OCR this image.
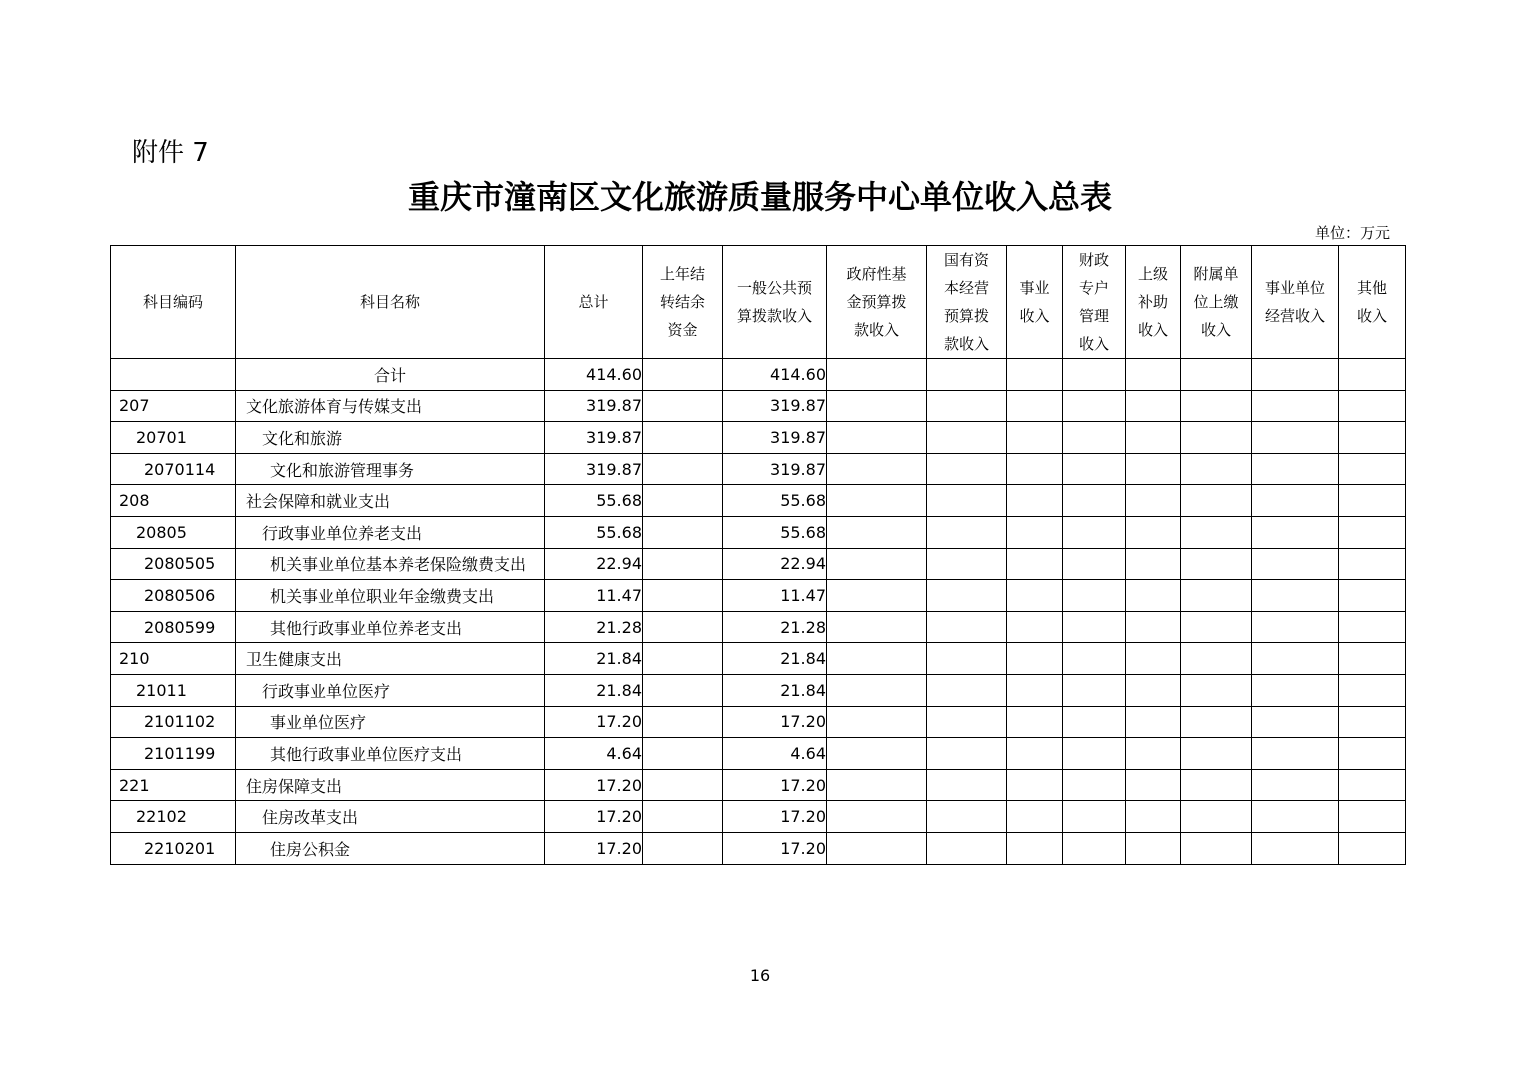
附件 7
重庆市潼南区文化旅游质量服务中心单位收入总表
单位：万元
科目编码	科目名称	总计	上年结
转结余
资金	一般公共预
算拨款收入	政府性基
金预算拨
款收入	国有资
本经营
预算拨
款收入	事业
收入	财政
专户
管理
收入	上级
补助
收入	附属单
位上缴
收入	事业单位
经营收入	其他
收入
	合计	414.60		414.60								
207	文化旅游体育与传媒支出	319.87		319.87								
20701	文化和旅游	319.87		319.87								
2070114	文化和旅游管理事务	319.87		319.87								
208	社会保障和就业支出	55.68		55.68								
20805	行政事业单位养老支出	55.68		55.68								
2080505	机关事业单位基本养老保险缴费支出	22.94		22.94								
2080506	机关事业单位职业年金缴费支出	11.47		11.47								
2080599	其他行政事业单位养老支出	21.28		21.28								
210	卫生健康支出	21.84		21.84								
21011	行政事业单位医疗	21.84		21.84								
2101102	事业单位医疗	17.20		17.20								
2101199	其他行政事业单位医疗支出	4.64		4.64								
221	住房保障支出	17.20		17.20								
22102	住房改革支出	17.20		17.20								
2210201	住房公积金	17.20		17.20								
16
